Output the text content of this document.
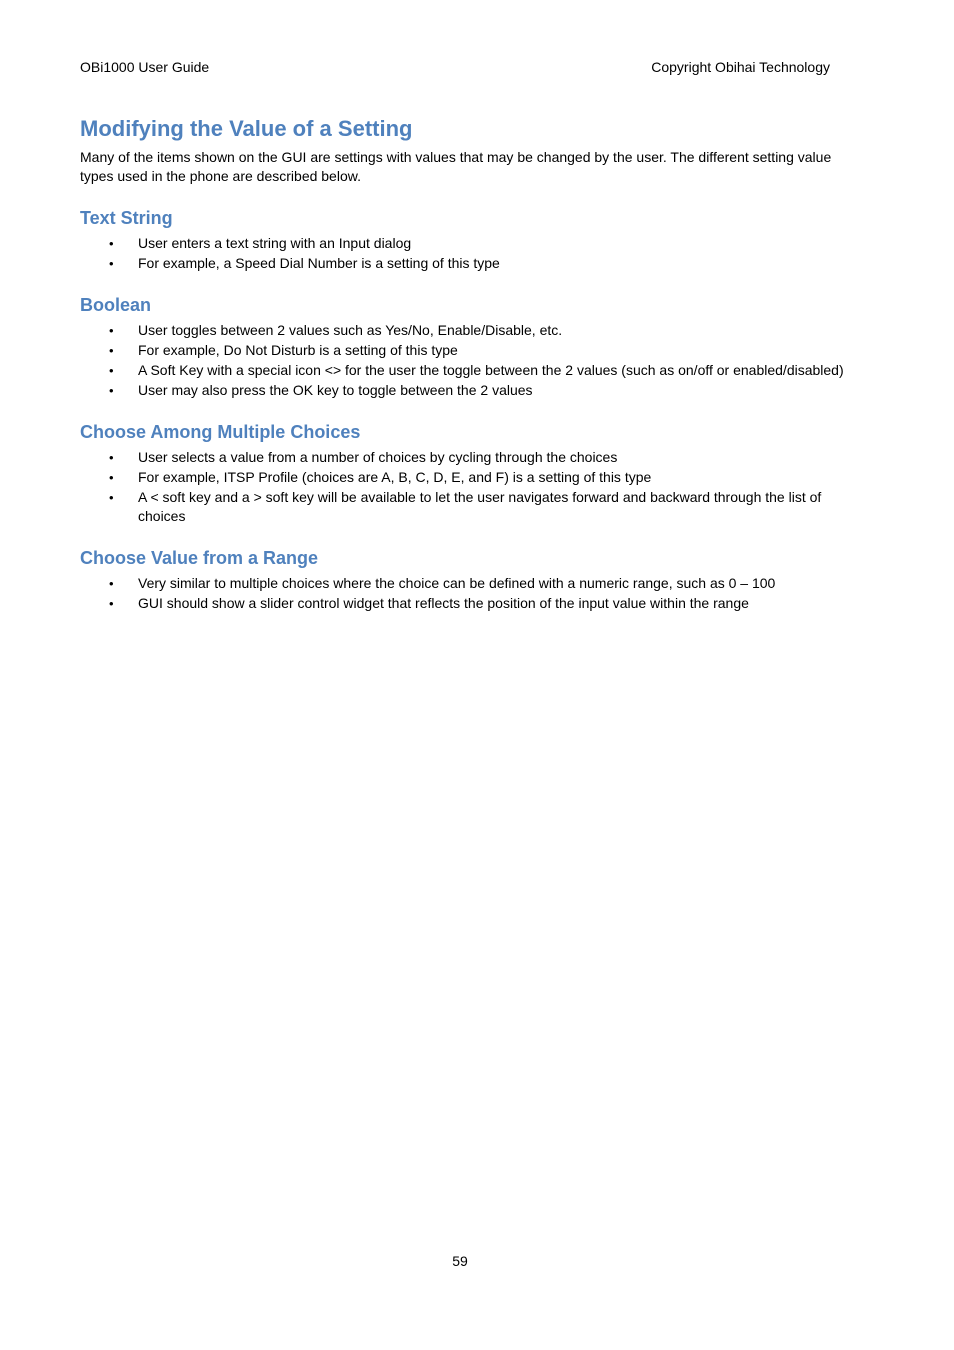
OBi1000 User Guide	Copyright Obihai Technology
Modifying the Value of a Setting

Many of the items shown on the GUI are settings with values that may be changed by the user. The different setting value types used in the phone are described below.

Text String
• User enters a text string with an Input dialog
• For example, a Speed Dial Number is a setting of this type
Boolean
• User toggles between 2 values such as Yes/No, Enable/Disable, etc.
• For example, Do Not Disturb is a setting of this type
• A Soft Key with a special icon <> for the user the toggle between the 2 values (such as on/off or enabled/disabled)
• User may also press the OK key to toggle between the 2 values
Choose Among Multiple Choices
• User selects a value from a number of choices by cycling through the choices
• For example, ITSP Profile (choices are A, B, C, D, E, and F) is a setting of this type
• A < soft key and a > soft key will be available to let the user navigates forward and backward through the list of choices
Choose Value from a Range
• Very similar to multiple choices where the choice can be defined with a numeric range, such as 0 – 100
• GUI should show a slider control widget that reflects the position of the input value within the range
59
